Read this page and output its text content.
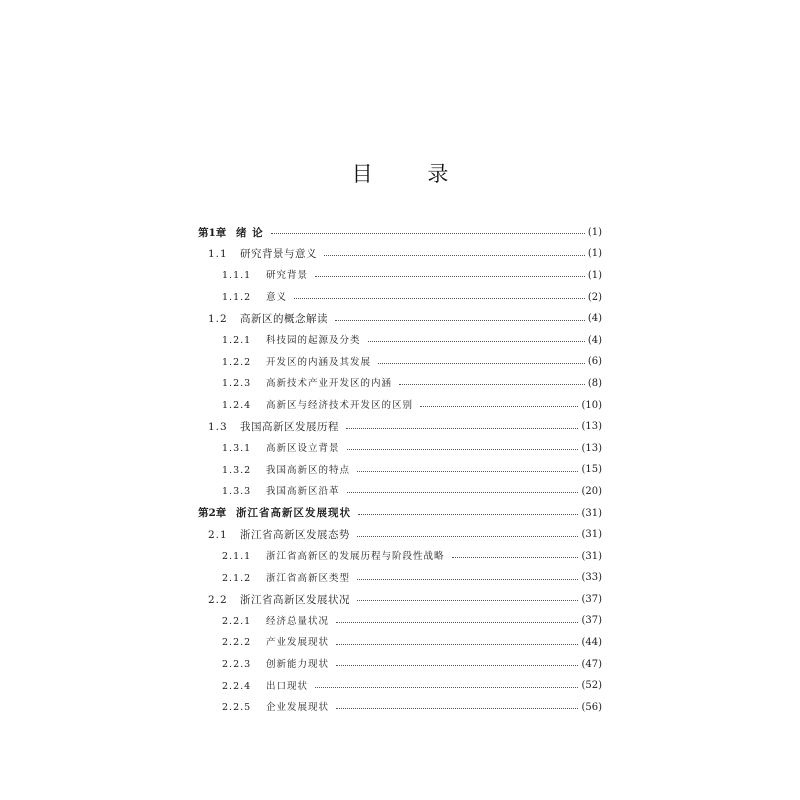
目 录
第1章 绪 论	(1)
1.1	研究背景与意义	(1)
1.1.1	研究背景	(1)
1.1.2	意义	(2)
1.2	高新区的概念解读	(4)
1.2.1	科技园的起源及分类	(4)
1.2.2	开发区的内涵及其发展	(6)
1.2.3	高新技术产业开发区的内涵	(8)
1.2.4	高新区与经济技术开发区的区别	(10)
1.3	我国高新区发展历程	(13)
1.3.1	高新区设立背景	(13)
1.3.2	我国高新区的特点	(15)
1.3.3	我国高新区沿革	(20)
第2章 浙江省高新区发展现状	(31)
2.1	浙江省高新区发展态势	(31)
2.1.1	浙江省高新区的发展历程与阶段性战略	(31)
2.1.2	浙江省高新区类型	(33)
2.2	浙江省高新区发展状况	(37)
2.2.1	经济总量状况	(37)
2.2.2	产业发展现状	(44)
2.2.3	创新能力现状	(47)
2.2.4	出口现状	(52)
2.2.5	企业发展现状	(56)
